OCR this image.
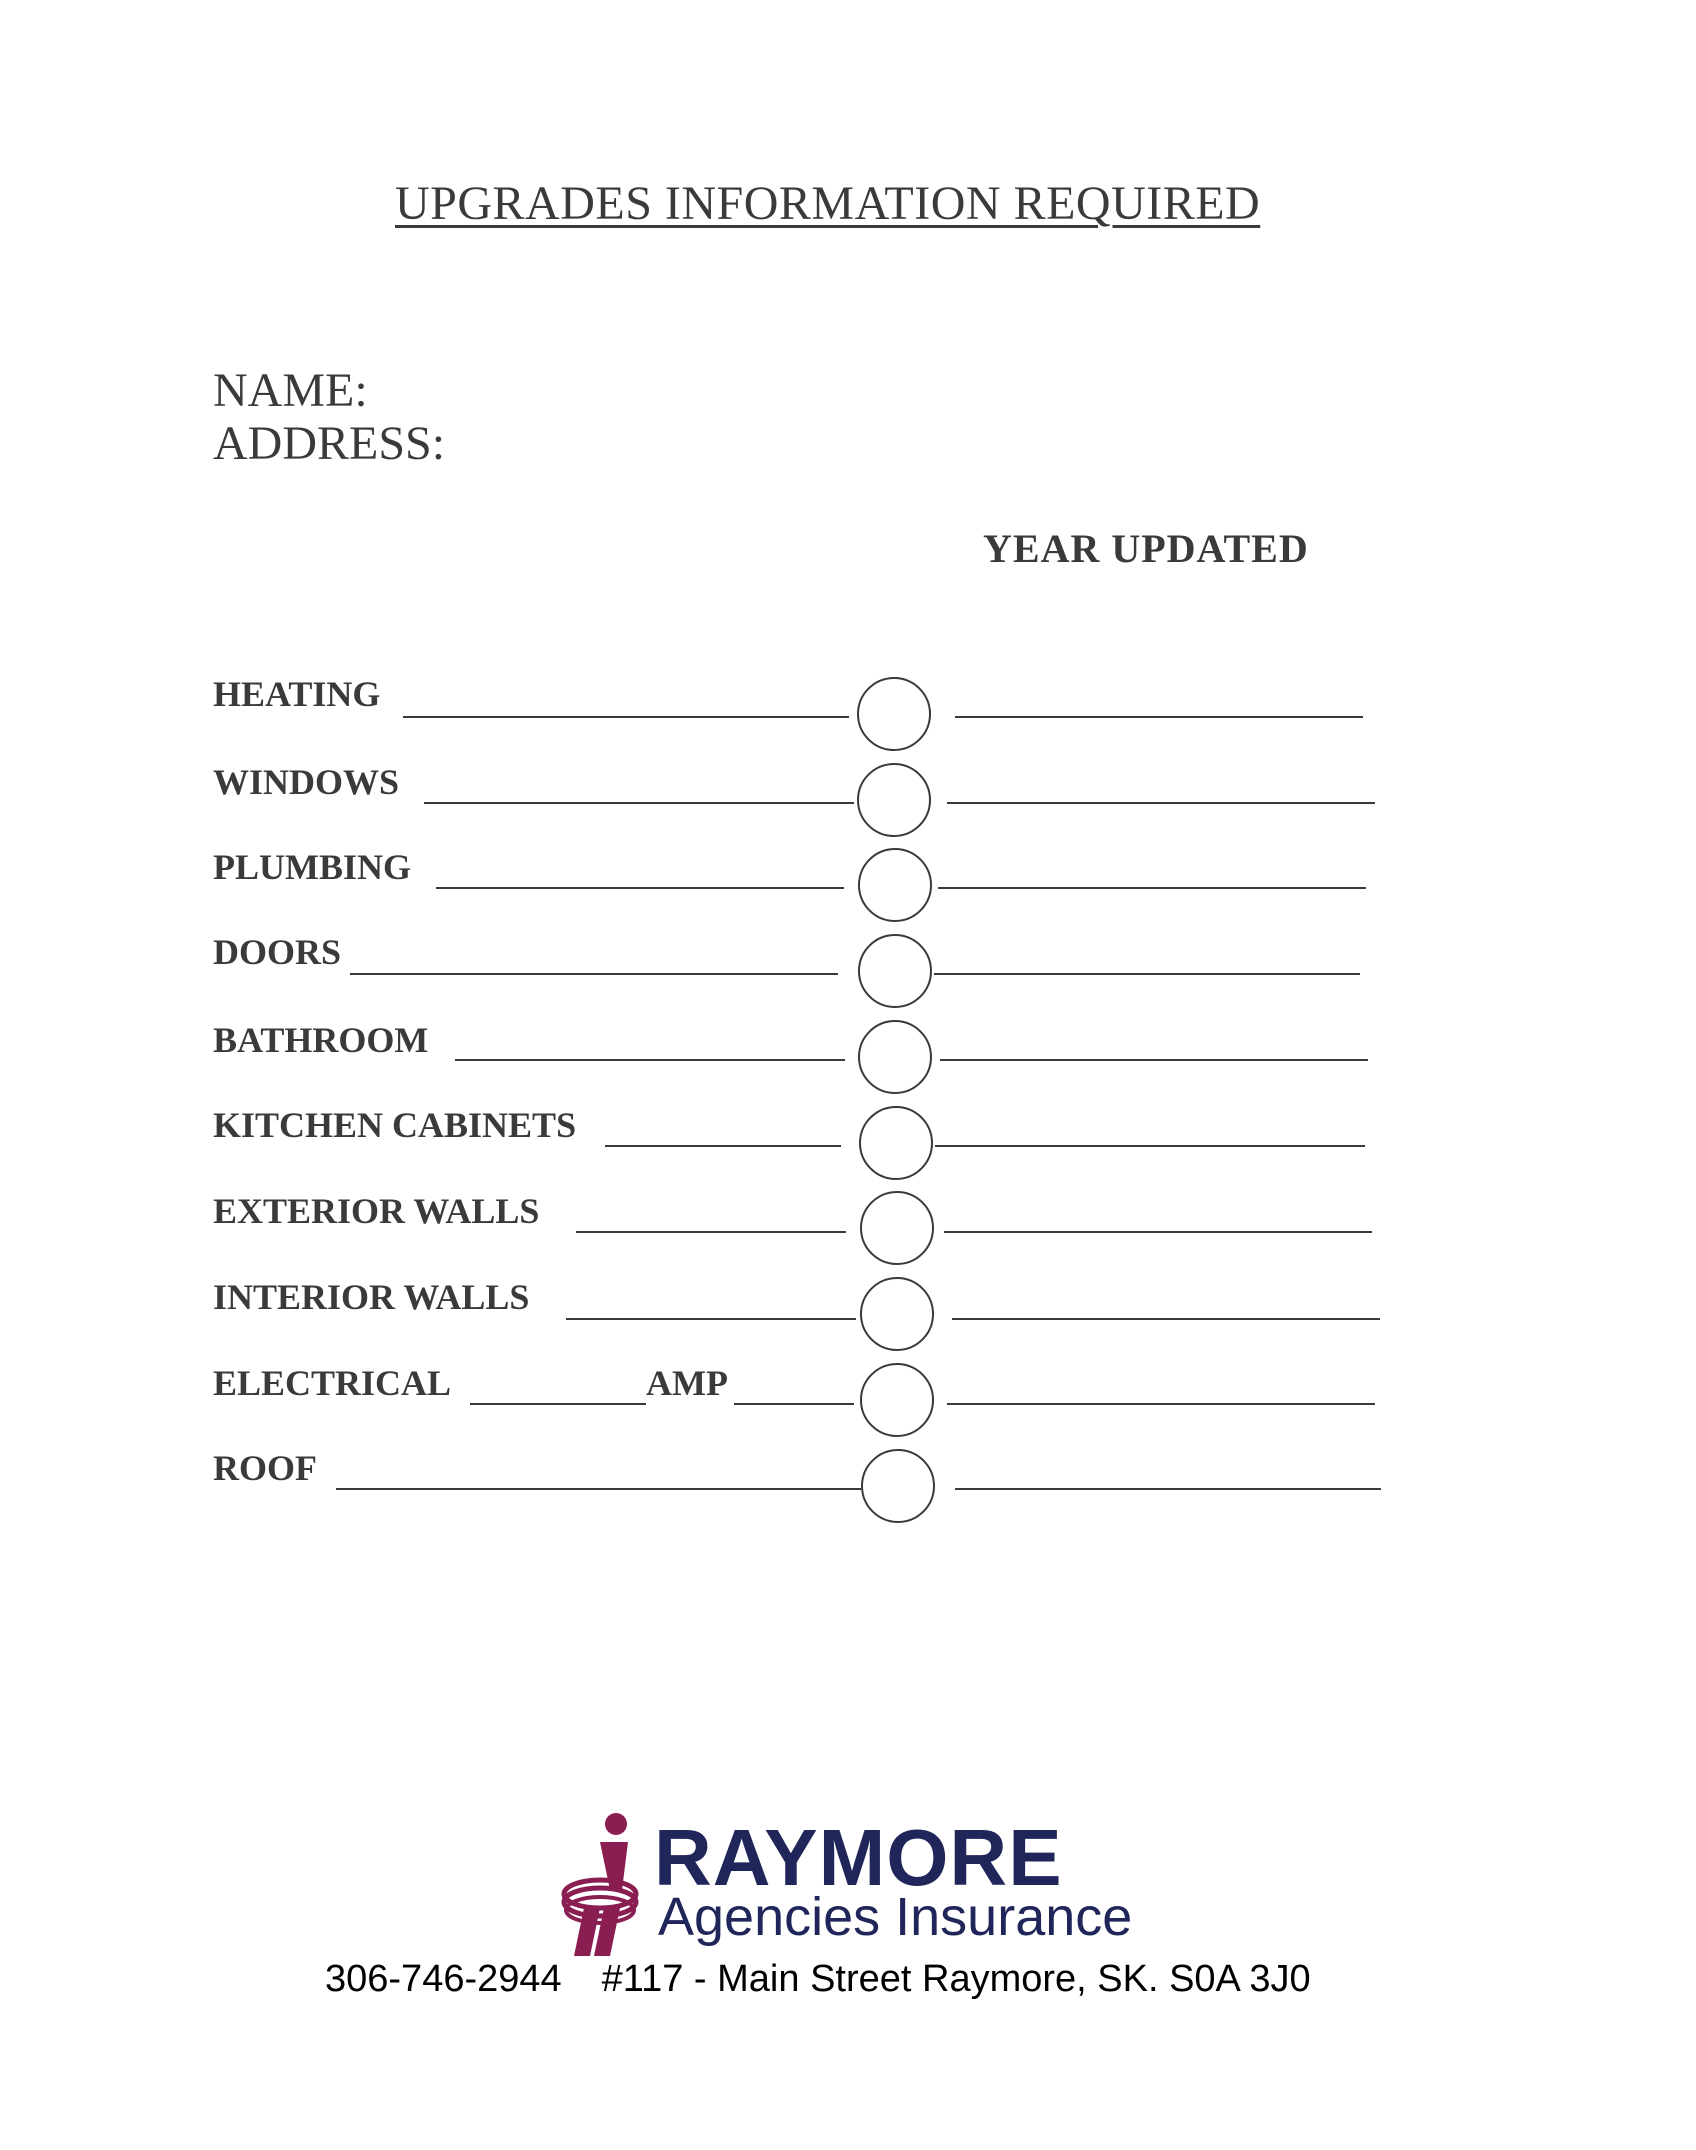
UPGRADES INFORMATION REQUIRED
NAME:
ADDRESS:
YEAR UPDATED
HEATING
WINDOWS
PLUMBING
DOORS
BATHROOM
KITCHEN CABINETS
EXTERIOR WALLS
INTERIOR WALLS
ELECTRICAL	AMP
ROOF
RAYMORE
Agencies Insurance
306-746-2944 #117 - Main Street Raymore, SK. S0A 3J0
